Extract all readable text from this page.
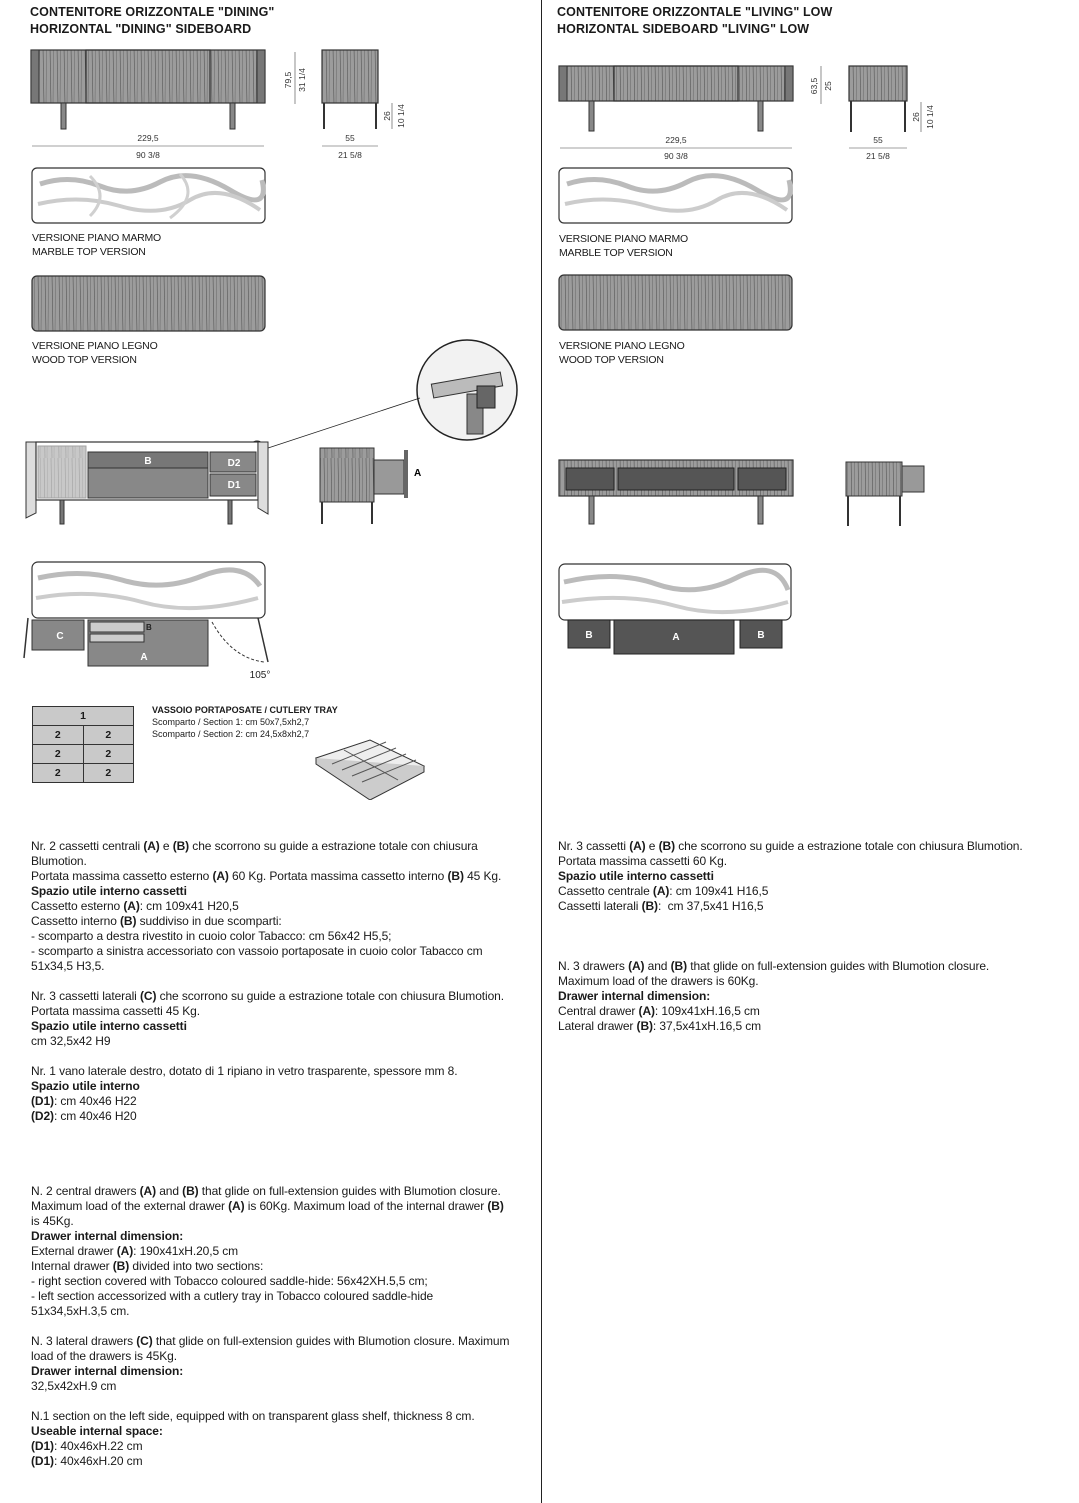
CONTENITORE ORIZZONTALE "DINING"
HORIZONTAL "DINING" SIDEBOARD
229,5
90 3/8
79,5 31 1/4
55
21 5/8
26 10 1/4
VERSIONE PIANO MARMO
MARBLE TOP VERSION
VERSIONE PIANO LEGNO
WOOD TOP VERSION
B	D2
D1
A
C
B
A
105°
1	
2	2
2	2
2	2
VASSOIO PORTAPOSATE / CUTLERY TRAY
Scomparto / Section 1: cm 50x7,5xh2,7
Scomparto / Section 2: cm 24,5x8xh2,7
Nr. 2 cassetti centrali (A) e (B) che scorrono su guide a estrazione totale con chiusura Blumotion.
Portata massima cassetto esterno (A) 60 Kg. Portata massima cassetto interno (B) 45 Kg.
Spazio utile interno cassetti
Cassetto esterno (A): cm 109x41 H20,5
Cassetto interno (B) suddiviso in due scomparti:
- scomparto a destra rivestito in cuoio color Tabacco: cm 56x42 H5,5;
- scomparto a sinistra accessoriato con vassoio portaposate in cuoio color Tabacco cm 51x34,5 H3,5.
Nr. 3 cassetti laterali (C) che scorrono su guide a estrazione totale con chiusura Blumotion.
Portata massima cassetti 45 Kg.
Spazio utile interno cassetti
cm 32,5x42 H9
Nr. 1 vano laterale destro, dotato di 1 ripiano in vetro trasparente, spessore mm 8.
Spazio utile interno
(D1): cm 40x46 H22
(D2): cm 40x46 H20
N. 2 central drawers (A) and (B) that glide on full-extension guides with Blumotion closure. Maximum load of the external drawer (A) is 60Kg. Maximum load of the internal drawer (B) is 45Kg.
Drawer internal dimension:
External drawer (A): 190x41xH.20,5 cm
Internal drawer (B) divided into two sections:
- right section covered with Tobacco coloured saddle-hide: 56x42XH.5,5 cm;
- left section accessorized with a cutlery tray in Tobacco coloured saddle-hide 51x34,5xH.3,5 cm.
N. 3 lateral drawers (C) that glide on full-extension guides with Blumotion closure. Maximum load of the drawers is 45Kg.
Drawer internal dimension:
32,5x42xH.9 cm
N.1 section on the left side, equipped with on transparent glass shelf, thickness 8 cm.
Useable internal space:
(D1): 40x46xH.22 cm
(D1): 40x46xH.20 cm
CONTENITORE ORIZZONTALE "LIVING" LOW
HORIZONTAL SIDEBOARD "LIVING" LOW
229,5
90 3/8
63,5 25
55
21 5/8
26 10 1/4
VERSIONE PIANO MARMO
MARBLE TOP VERSION
VERSIONE PIANO LEGNO
WOOD TOP VERSION
B	A	B
Nr. 3 cassetti (A) e (B) che scorrono su guide a estrazione totale con chiusura Blumotion.
Portata massima cassetti 60 Kg.
Spazio utile interno cassetti
Cassetto centrale (A): cm 109x41 H16,5
Cassetti laterali (B):  cm 37,5x41 H16,5
N. 3 drawers (A) and (B) that glide on full-extension guides with Blumotion closure.
Maximum load of the drawers is 60Kg.
Drawer internal dimension:
Central drawer (A): 109x41xH.16,5 cm
Lateral drawer (B): 37,5x41xH.16,5 cm
